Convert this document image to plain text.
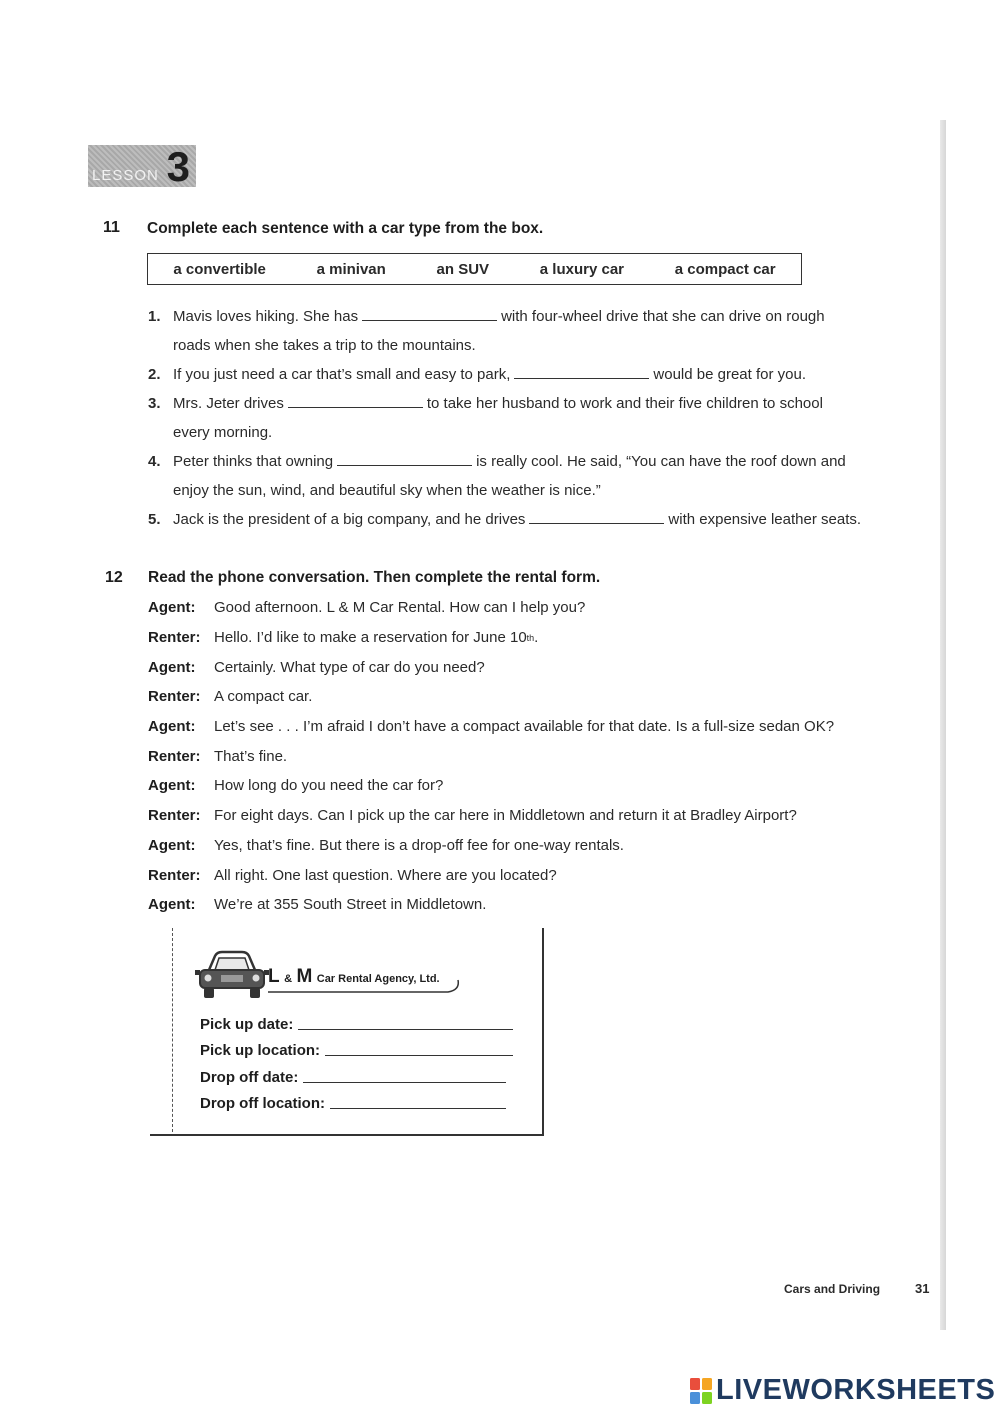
LESSON 3
11 Complete each sentence with a car type from the box.
a convertible	a minivan	an SUV	a luxury car	a compact car
1. Mavis loves hiking. She has	with four-wheel drive that she can drive on rough
roads when she takes a trip to the mountains.
2. If you just need a car that’s small and easy to park,	would be great for you.
3. Mrs. Jeter drives	to take her husband to work and their five children to school
every morning.
4. Peter thinks that owning	is really cool. He said, “You can have the roof down and
enjoy the sun, wind, and beautiful sky when the weather is nice.”
5. Jack is the president of a big company, and he drives	with expensive leather seats.
12 Read the phone conversation. Then complete the rental form.
Agent:	Good afternoon. L & M Car Rental. How can I help you?
Renter: Hello. I’d like to make a reservation for June 10 th .
Agent:	Certainly. What type of car do you need?
Renter: A compact car.
Agent:	Let’s see . . . I’m afraid I don’t have a compact available for that date. Is a full-size sedan OK?
Renter: That’s fine.
Agent:	How long do you need the car for?
Renter: For eight days. Can I pick up the car here in Middletown and return it at Bradley Airport?
Agent:	Yes, that’s fine. But there is a drop-off fee for one-way rentals.
Renter: All right. One last question. Where are you located?
Agent:	We’re at 355 South Street in Middletown.
L & M Car Rental Agency, Ltd.
Pick up date:
Pick up location:
Drop off date:
Drop off location:
Cars and Driving	31
LIVEWORKSHEETS
